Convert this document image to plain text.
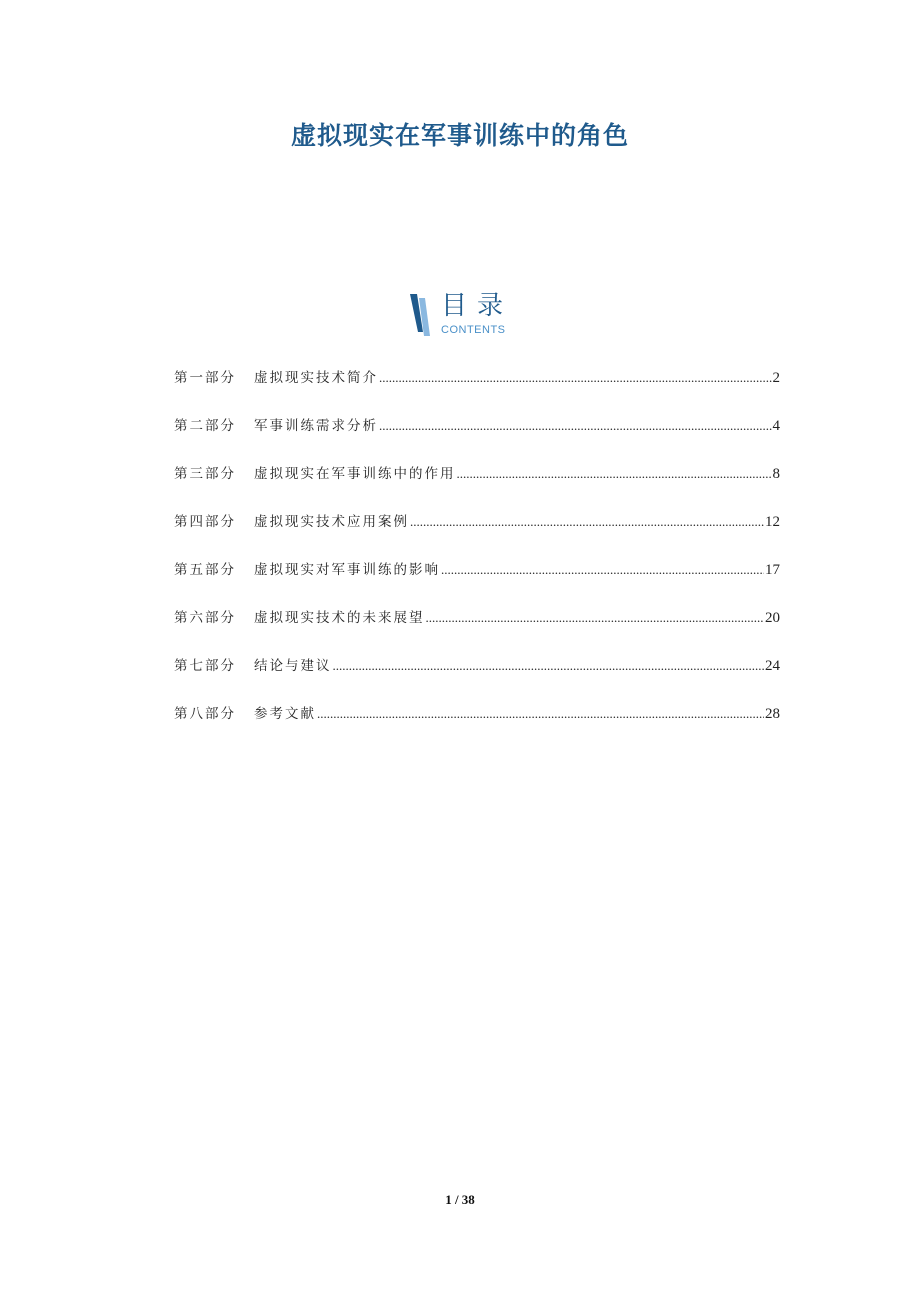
虚拟现实在军事训练中的角色
目录
CONTENTS
第一部分	虚拟现实技术简介 .....	2
第二部分	军事训练需求分析 .....	4
第三部分	虚拟现实在军事训练中的作用 .....	8
第四部分	虚拟现实技术应用案例 .....	12
第五部分	虚拟现实对军事训练的影响 .....	17
第六部分	虚拟现实技术的未来展望 .....	20
第七部分	结论与建议 .....	24
第八部分	参考文献 .....	28
1 / 38
